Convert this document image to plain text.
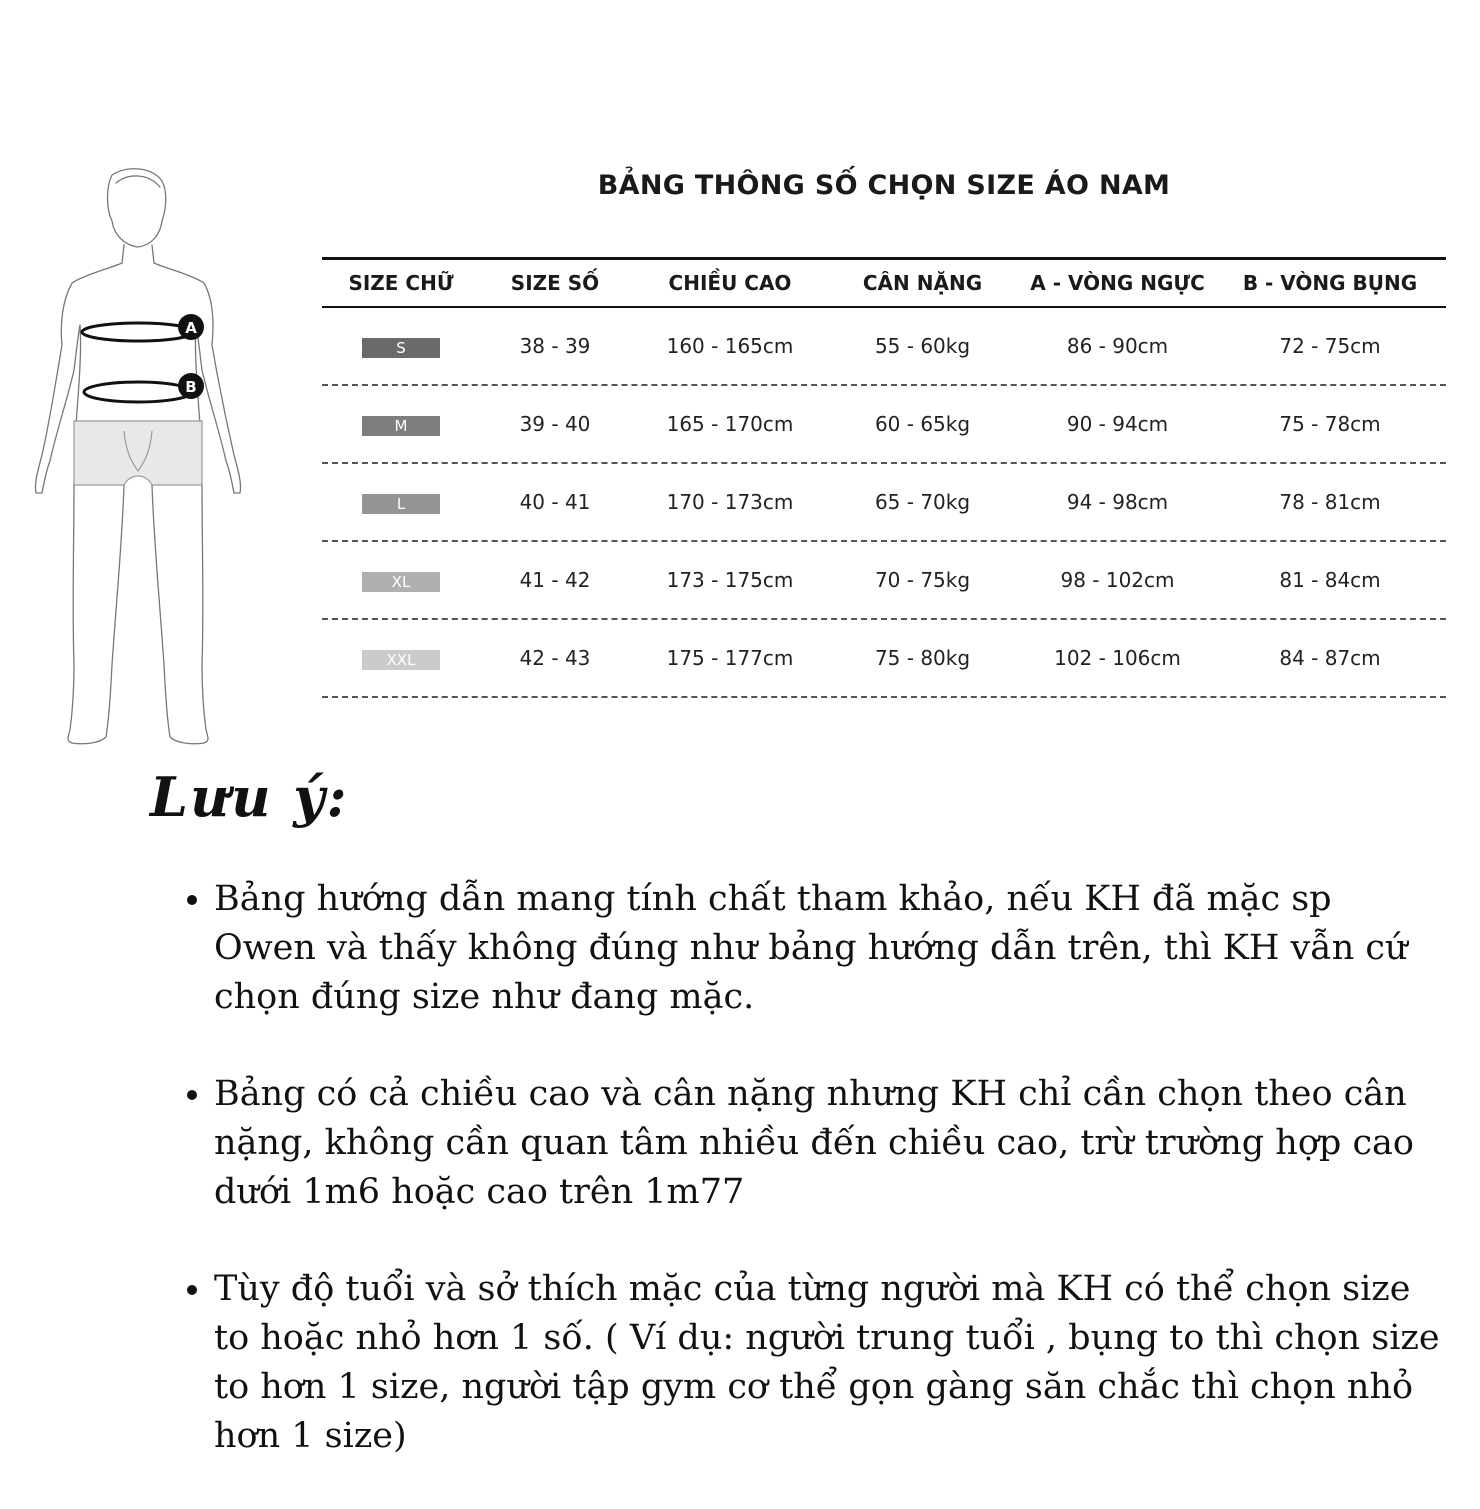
A
B
BẢNG THÔNG SỐ CHỌN SIZE ÁO NAM
SIZE CHỮ	SIZE SỐ	CHIỀU CAO	CÂN NẶNG	A - VÒNG NGỰC	B - VÒNG BỤNG
S	38 - 39	160 - 165cm	55 - 60kg	86 - 90cm	72 - 75cm
M	39 - 40	165 - 170cm	60 - 65kg	90 - 94cm	75 - 78cm
L	40 - 41	170 - 173cm	65 - 70kg	94 - 98cm	78 - 81cm
XL	41 - 42	173 - 175cm	70 - 75kg	98 - 102cm	81 - 84cm
XXL	42 - 43	175 - 177cm	75 - 80kg	102 - 106cm	84 - 87cm
Lưu ý:
• Bảng hướng dẫn mang tính chất tham khảo, nếu KH đã mặc sp Owen và thấy không đúng như bảng hướng dẫn trên, thì KH vẫn cứ chọn đúng size như đang mặc.
• Bảng có cả chiều cao và cân nặng nhưng KH chỉ cần chọn theo cân nặng, không cần quan tâm nhiều đến chiều cao, trừ trường hợp cao dưới 1m6 hoặc cao trên 1m77
• Tùy độ tuổi và sở thích mặc của từng người mà KH có thể chọn size to hoặc nhỏ hơn 1 số. ( Ví dụ: người trung tuổi , bụng to thì chọn size to hơn 1 size, người tập gym cơ thể gọn gàng săn chắc thì chọn nhỏ hơn 1 size)
